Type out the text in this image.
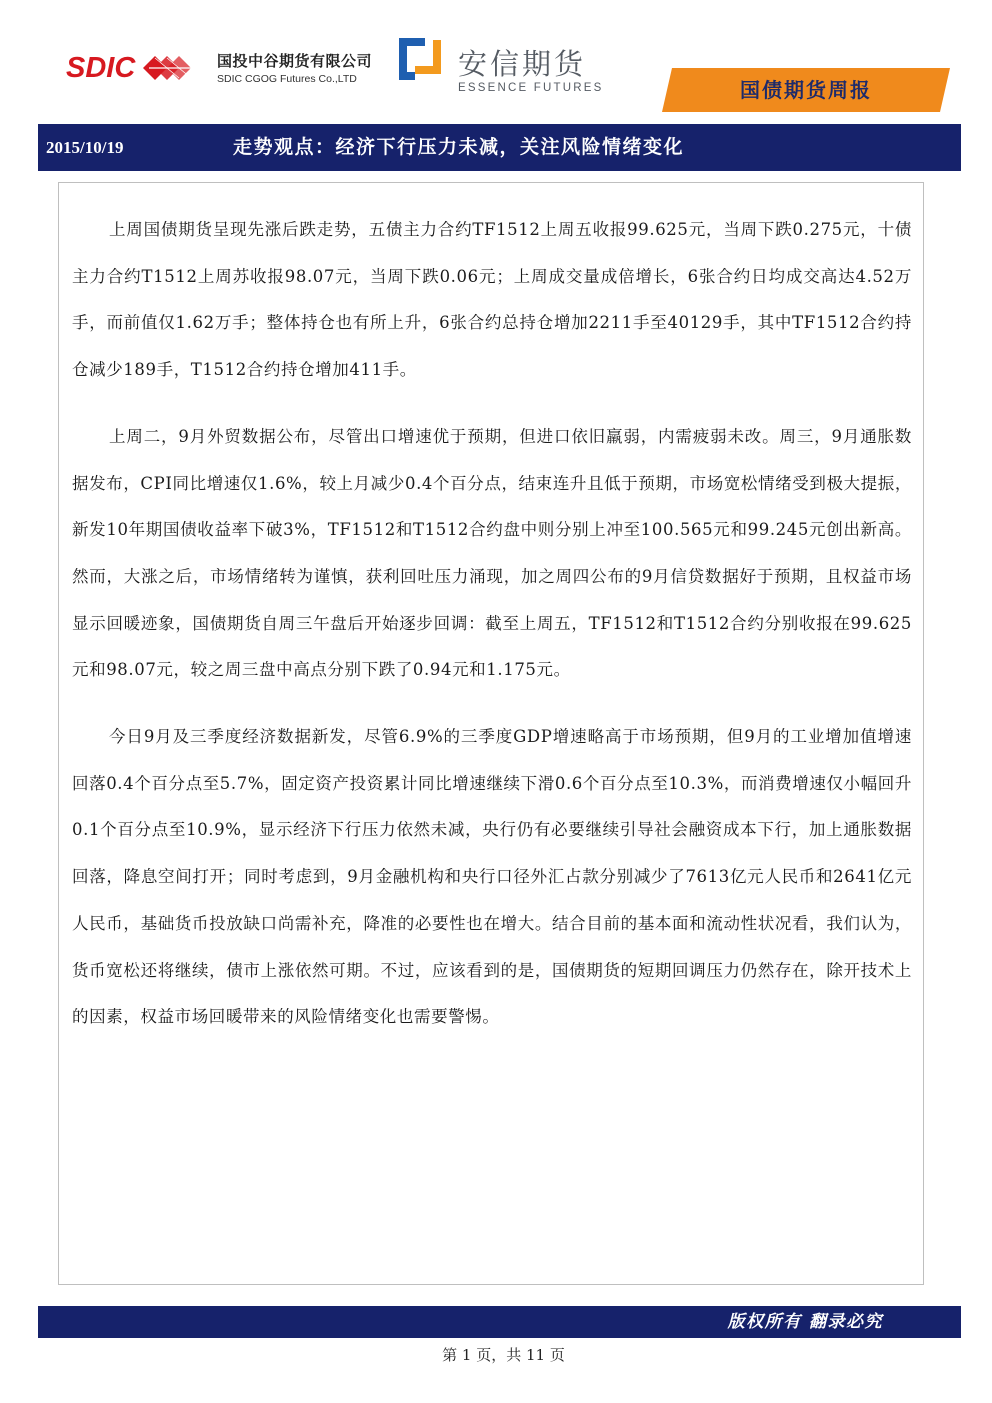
SDIC	国投中谷期货有限公司
SDIC CGOG Futures Co.,LTD	安信期货
ESSENCE FUTURES	国债期货周报
2015/10/19	走势观点：经济下行压力未减，关注风险情绪变化

上周国债期货呈现先涨后跌走势，五债主力合约TF1512上周五收报99.625元，当周下跌0.275元，十债主力合约T1512上周苏收报98.07元，当周下跌0.06元；上周成交量成倍增长，6张合约日均成交高达4.52万手，而前值仅1.62万手；整体持仓也有所上升，6张合约总持仓增加2211手至40129手，其中TF1512合约持仓减少189手，T1512合约持仓增加411手。

上周二，9月外贸数据公布，尽管出口增速优于预期，但进口依旧羸弱，内需疲弱未改。周三，9月通胀数据发布，CPI同比增速仅1.6%，较上月减少0.4个百分点，结束连升且低于预期，市场宽松情绪受到极大提振，新发10年期国债收益率下破3%，TF1512和T1512合约盘中则分别上冲至100.565元和99.245元创出新高。然而，大涨之后，市场情绪转为谨慎，获利回吐压力涌现，加之周四公布的9月信贷数据好于预期，且权益市场显示回暖迹象，国债期货自周三午盘后开始逐步回调：截至上周五，TF1512和T1512合约分别收报在99.625元和98.07元，较之周三盘中高点分别下跌了0.94元和1.175元。

今日9月及三季度经济数据新发，尽管6.9%的三季度GDP增速略高于市场预期，但9月的工业增加值增速回落0.4个百分点至5.7%，固定资产投资累计同比增速继续下滑0.6个百分点至10.3%，而消费增速仅小幅回升0.1个百分点至10.9%，显示经济下行压力依然未减，央行仍有必要继续引导社会融资成本下行，加上通胀数据回落，降息空间打开；同时考虑到，9月金融机构和央行口径外汇占款分别减少了7613亿元人民币和2641亿元人民币，基础货币投放缺口尚需补充，降准的必要性也在增大。结合目前的基本面和流动性状况看，我们认为，货币宽松还将继续，债市上涨依然可期。不过，应该看到的是，国债期货的短期回调压力仍然存在，除开技术上的因素，权益市场回暖带来的风险情绪变化也需要警惕。

版权所有 翻录必究
第 1 页，共 11 页
